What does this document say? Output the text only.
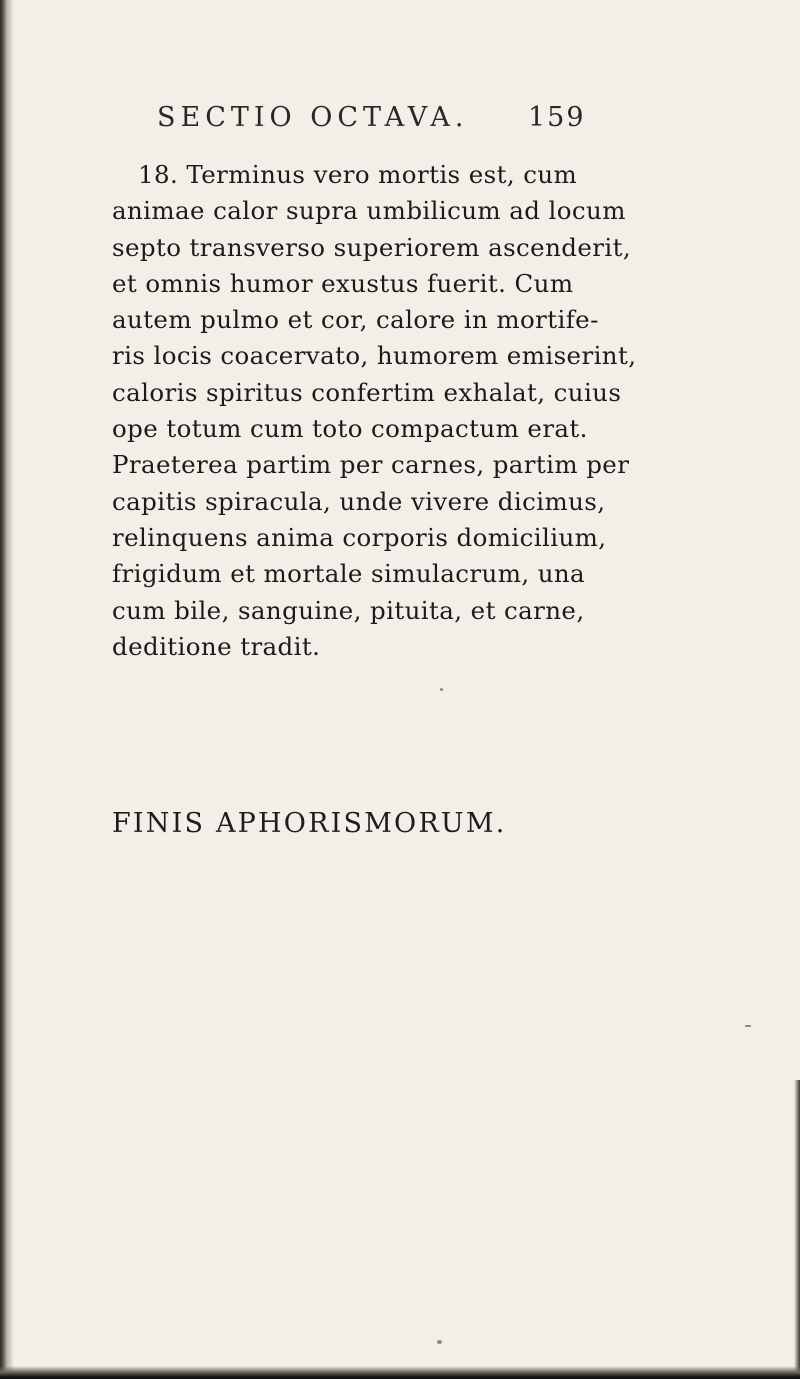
SECTIO OCTAVA. 159
18. Terminus vero mortis est, cum
animae calor supra umbilicum ad locum
septo transverso superiorem ascenderit,
et omnis humor exustus fuerit. Cum
autem pulmo et cor, calore in mortife-
ris locis coacervato, humorem emiserint,
caloris spiritus confertim exhalat, cuius
ope totum cum toto compactum erat.
Praeterea partim per carnes, partim per
capitis spiracula, unde vivere dicimus,
relinquens anima corporis domicilium,
frigidum et mortale simulacrum, una
cum bile, sanguine, pituita, et carne,
deditione tradit.
FINIS APHORISMORUM.
